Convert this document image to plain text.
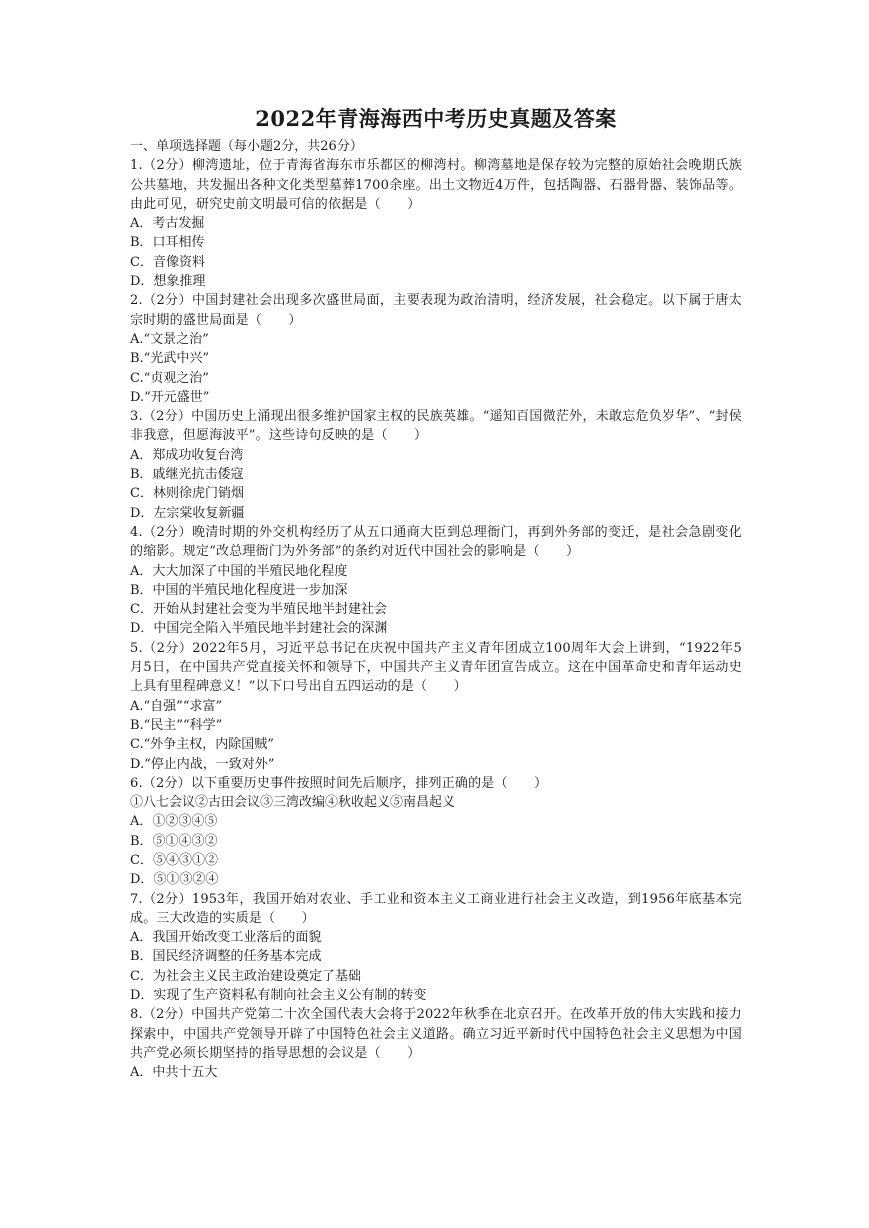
2022年青海海西中考历史真题及答案
一、单项选择题（每小题2分，共26分）
1.（2分）柳湾遗址，位于青海省海东市乐都区的柳湾村。柳湾墓地是保存较为完整的原始社会晚期氏族公共墓地，共发掘出各种文化类型墓葬1700余座。出土文物近4万件，包括陶器、石器骨器、装饰品等。由此可见，研究史前文明最可信的依据是（　　）
A．考古发掘
B．口耳相传
C．音像资料
D．想象推理
2.（2分）中国封建社会出现多次盛世局面，主要表现为政治清明，经济发展，社会稳定。以下属于唐太宗时期的盛世局面是（　　）
A.“文景之治”
B.“光武中兴”
C.“贞观之治”
D.“开元盛世”
3.（2分）中国历史上涌现出很多维护国家主权的民族英雄。“遥知百国微茫外，未敢忘危负岁华”、“封侯非我意，但愿海波平”。这些诗句反映的是（　　）
A．郑成功收复台湾
B．戚继光抗击倭寇
C．林则徐虎门销烟
D．左宗棠收复新疆
4.（2分）晚清时期的外交机构经历了从五口通商大臣到总理衙门，再到外务部的变迁，是社会急剧变化的缩影。规定“改总理衙门为外务部”的条约对近代中国社会的影响是（　　）
A．大大加深了中国的半殖民地化程度
B．中国的半殖民地化程度进一步加深
C．开始从封建社会变为半殖民地半封建社会
D．中国完全陷入半殖民地半封建社会的深渊
5.（2分）2022年5月，习近平总书记在庆祝中国共产主义青年团成立100周年大会上讲到，“1922年5月5日，在中国共产党直接关怀和领导下，中国共产主义青年团宣告成立。这在中国革命史和青年运动史上具有里程碑意义！”以下口号出自五四运动的是（　　）
A.“自强”“求富”
B.“民主”“科学”
C.“外争主权，内除国贼”
D.“停止内战，一致对外”
6.（2分）以下重要历史事件按照时间先后顺序，排列正确的是（　　）
①八七会议②古田会议③三湾改编④秋收起义⑤南昌起义
A．①②③④⑤
B．⑤①④③②
C．⑤④③①②
D．⑤①③②④
7.（2分）1953年，我国开始对农业、手工业和资本主义工商业进行社会主义改造，到1956年底基本完成。三大改造的实质是（　　）
A．我国开始改变工业落后的面貌
B．国民经济调整的任务基本完成
C．为社会主义民主政治建设奠定了基础
D．实现了生产资料私有制向社会主义公有制的转变
8.（2分）中国共产党第二十次全国代表大会将于2022年秋季在北京召开。在改革开放的伟大实践和接力探索中，中国共产党领导开辟了中国特色社会主义道路。确立习近平新时代中国特色社会主义思想为中国共产党必须长期坚持的指导思想的会议是（　　）
A．中共十五大
